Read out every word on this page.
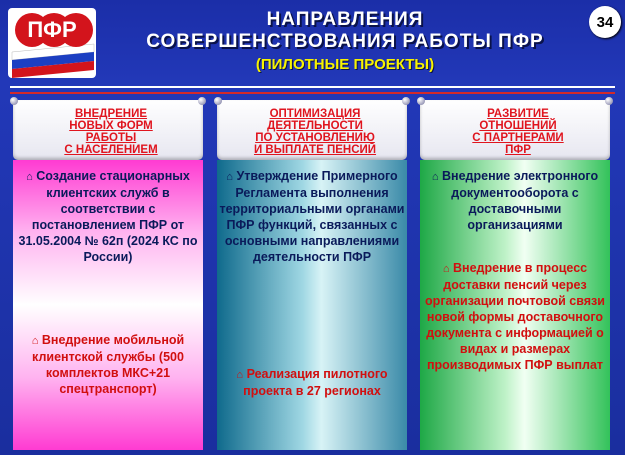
ПФР	НАПРАВЛЕНИЯ
СОВЕРШЕНСТВОВАНИЯ РАБОТЫ ПФР
(ПИЛОТНЫЕ ПРОЕКТЫ)
34
ВНЕДРЕНИЕ
НОВЫХ ФОРМ
РАБОТЫ
С НАСЕЛЕНИЕМ
⌂ Создание стационарных клиентских служб в соответствии с постановлением ПФР от 31.05.2004 № 62п (2024 КС по России)
⌂ Внедрение мобильной клиентской службы (500 комплектов МКС+21 спецтранспорт)
ОПТИМИЗАЦИЯ
ДЕЯТЕЛЬНОСТИ
ПО УСТАНОВЛЕНИЮ
И ВЫПЛАТЕ ПЕНСИЙ
⌂ Утверждение Примерного Регламента выполнения территориальными органами ПФР функций, связанных с основными направлениями деятельности ПФР
⌂ Реализация пилотного проекта в 27 регионах
РАЗВИТИЕ
ОТНОШЕНИЙ
С ПАРТНЕРАМИ
ПФР
⌂ Внедрение электронного документооборота с доставочными организациями
⌂ Внедрение в процесс доставки пенсий через организации почтовой связи новой формы доставочного документа с информацией о видах и размерах производимых ПФР выплат
